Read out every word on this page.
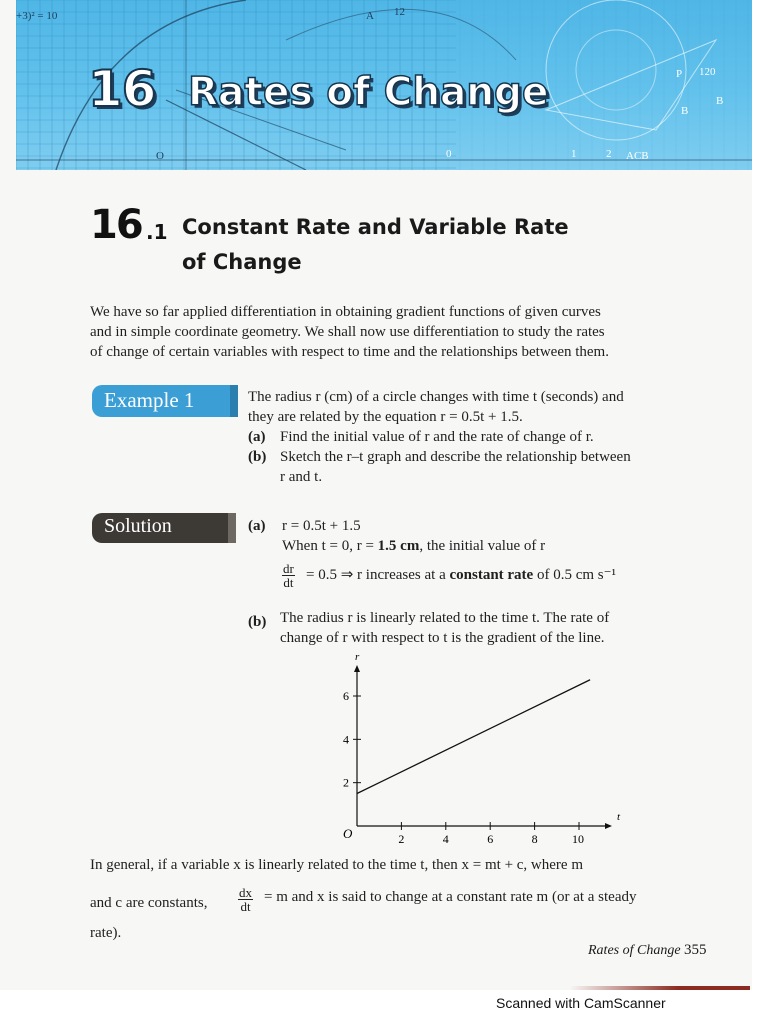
+3)² = 10	A 12
O
P 120
B
B
0	1	2 ACB
16 Rates of Change
16 .1 Constant Rate and Variable Rate
of Change
We have so far applied differentiation in obtaining gradient functions of given curves
and in simple coordinate geometry. We shall now use differentiation to study the rates
of change of certain variables with respect to time and the relationships between them.
Example 1	The radius r (cm) of a circle changes with time t (seconds) and
they are related by the equation r = 0.5t + 1.5.
(a) Find the initial value of r and the rate of change of r.
(b) Sketch the r–t graph and describe the relationship between
r and t.
Solution	(a) r = 0.5t + 1.5
When t = 0, r = 1.5 cm, the initial value of r
$\frac{dr}{dt} = 0.5$ ⇒ r increases at a constant rate of 0.5 cm s⁻¹
(b) The radius r is linearly related to the time t. The rate of
change of r with respect to t is the gradient of the line.
t
r
O	2	4	6	8	10
2
4
6
In general, if a variable x is linearly related to the time t, then x = mt + c, where m
and c are constants, $\frac{dx}{dt} = m$ and x is said to change at a constant rate m (or at a steady
rate).
Rates of Change 355
Scanned with CamScanner
